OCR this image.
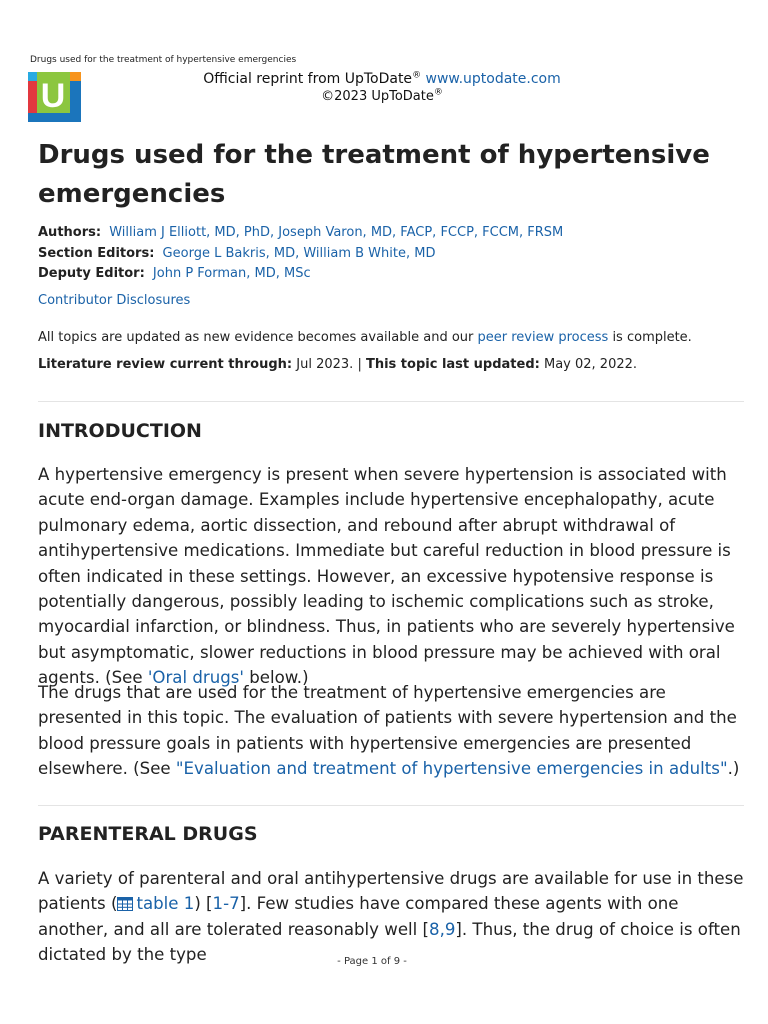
Drugs used for the treatment of hypertensive emergencies
U	Official reprint from UpToDate® www.uptodate.com
©2023 UpToDate®
Drugs used for the treatment of hypertensive emergencies
Authors: William J Elliott, MD, PhD, Joseph Varon, MD, FACP, FCCP, FCCM, FRSM
Section Editors: George L Bakris, MD, William B White, MD
Deputy Editor: John P Forman, MD, MSc
Contributor Disclosures
All topics are updated as new evidence becomes available and our peer review process is complete.
Literature review current through: Jul 2023. | This topic last updated: May 02, 2022.
INTRODUCTION

A hypertensive emergency is present when severe hypertension is associated with acute end-organ damage. Examples include hypertensive encephalopathy, acute pulmonary edema, aortic dissection, and rebound after abrupt withdrawal of antihypertensive medications. Immediate but careful reduction in blood pressure is often indicated in these settings. However, an excessive hypotensive response is potentially dangerous, possibly leading to ischemic complications such as stroke, myocardial infarction, or blindness. Thus, in patients who are severely hypertensive but asymptomatic, slower reductions in blood pressure may be achieved with oral agents. (See 'Oral drugs' below.)

The drugs that are used for the treatment of hypertensive emergencies are presented in this topic. The evaluation of patients with severe hypertension and the blood pressure goals in patients with hypertensive emergencies are presented elsewhere. (See "Evaluation and treatment of hypertensive emergencies in adults".)

PARENTERAL DRUGS

A variety of parenteral and oral antihypertensive drugs are available for use in these patients ( table 1) [1-7]. Few studies have compared these agents with one another, and all are tolerated reasonably well [8,9]. Thus, the drug of choice is often dictated by the type	- Page 1 of 9 -
